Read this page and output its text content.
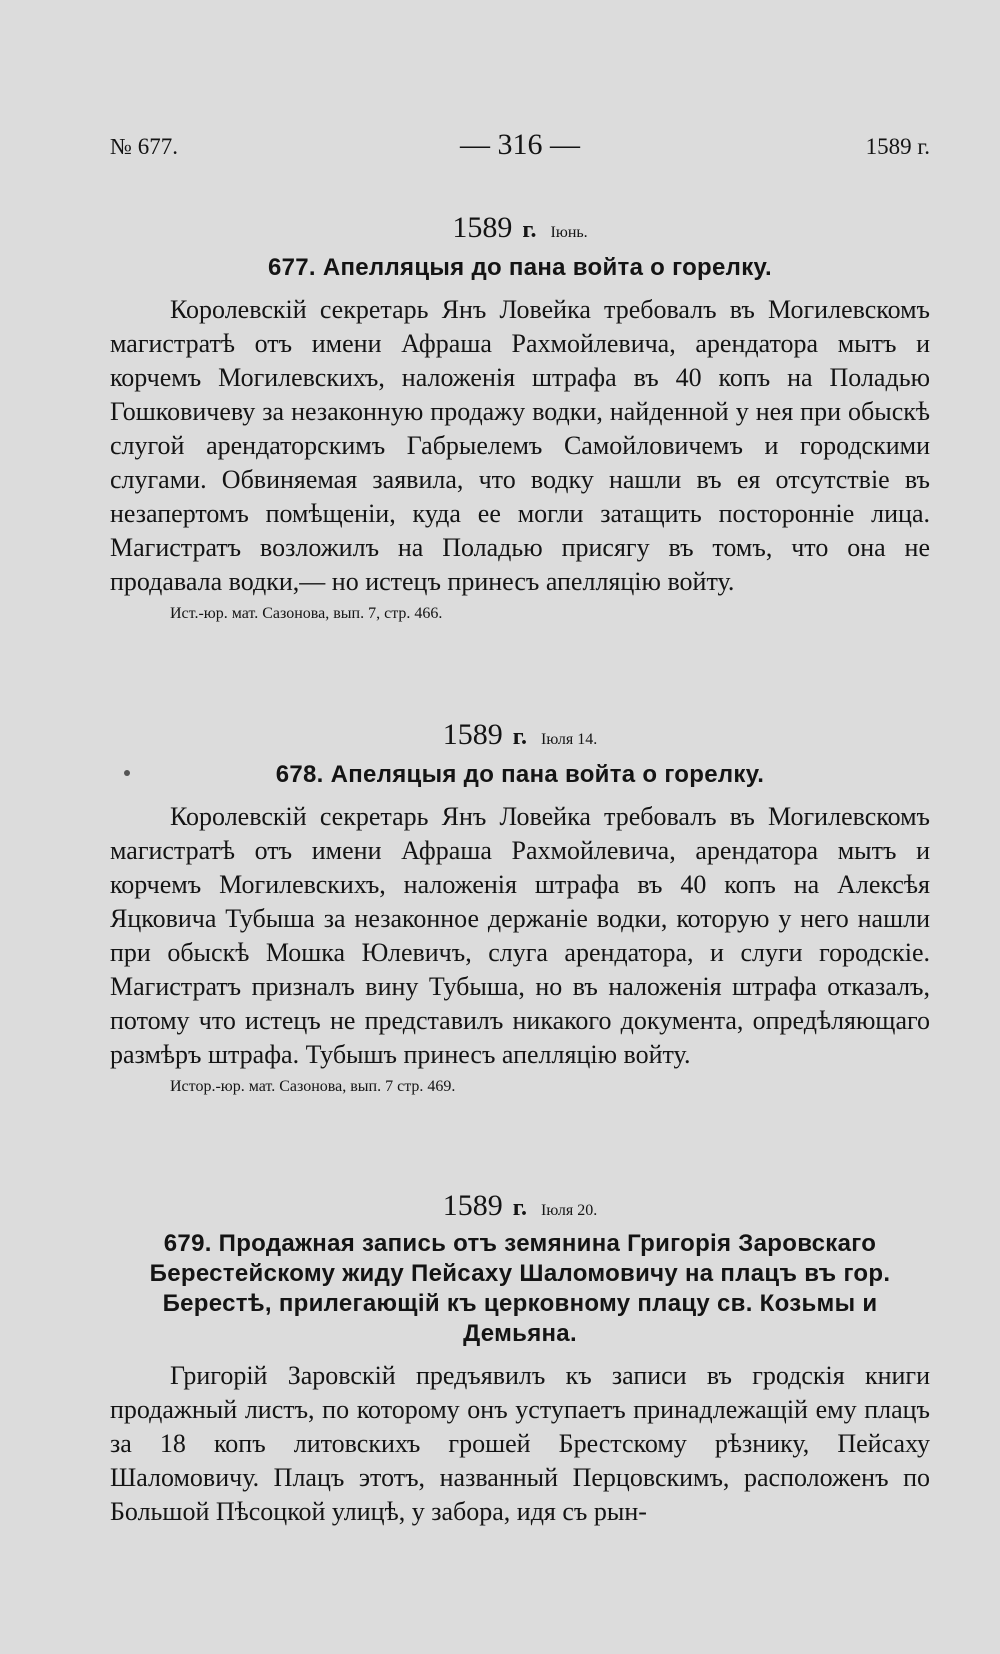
№ 677.	— 316 —	1589 г.
1589 г. Іюнь.
677. Апелляцыя до пана войта о горелку.
Королевскій секретарь Янъ Ловейка требовалъ въ Могилевскомъ магистратѣ отъ имени Афраша Рахмойлевича, арендатора мытъ и корчемъ Могилевскихъ, наложенія штрафа въ 40 копъ на Поладью Гошковичеву за незаконную продажу водки, найденной у нея при обыскѣ слугой арендаторскимъ Габрыелемъ Самойловичемъ и городскими слугами. Обвиняемая заявила, что водку нашли въ ея отсутствіе въ незапертомъ помѣщеніи, куда ее могли затащить посторонніе лица. Магистратъ возложилъ на Поладью присягу въ томъ, что она не продавала водки,— но истецъ принесъ апелляцію войту.
Ист.-юр. мат. Сазонова, вып. 7, стр. 466.
1589 г. Іюля 14.
678. Апеляцыя до пана войта о горелку.
Королевскій секретарь Янъ Ловейка требовалъ въ Могилевскомъ магистратѣ отъ имени Афраша Рахмойлевича, арендатора мытъ и корчемъ Могилевскихъ, наложенія штрафа въ 40 копъ на Алексѣя Яцковича Тубыша за незаконное держаніе водки, которую у него нашли при обыскѣ Мошка Юлевичъ, слуга арендатора, и слуги городскіе. Магистратъ призналъ вину Тубыша, но въ наложенія штрафа отказалъ, потому что истецъ не представилъ никакого документа, опредѣляющаго размѣръ штрафа. Тубышъ принесъ апелляцію войту.
Истор.-юр. мат. Сазонова, вып. 7 стр. 469.
1589 г. Іюля 20.
679. Продажная запись отъ земянина Григорія Заровскаго Берестейскому жиду Пейсаху Шаломовичу на плацъ въ гор. Берестѣ, прилегающій къ церковному плацу св. Козьмы и Демьяна.
Григорій Заровскій предъявилъ къ записи въ гродскія книги продажный листъ, по которому онъ уступаетъ принадлежащій ему плацъ за 18 копъ литовскихъ грошей Брестскому рѣзнику, Пейсаху Шаломовичу. Плацъ этотъ, названный Перцовскимъ, расположенъ по Большой Пѣсоцкой улицѣ, у забора, идя съ рын-
